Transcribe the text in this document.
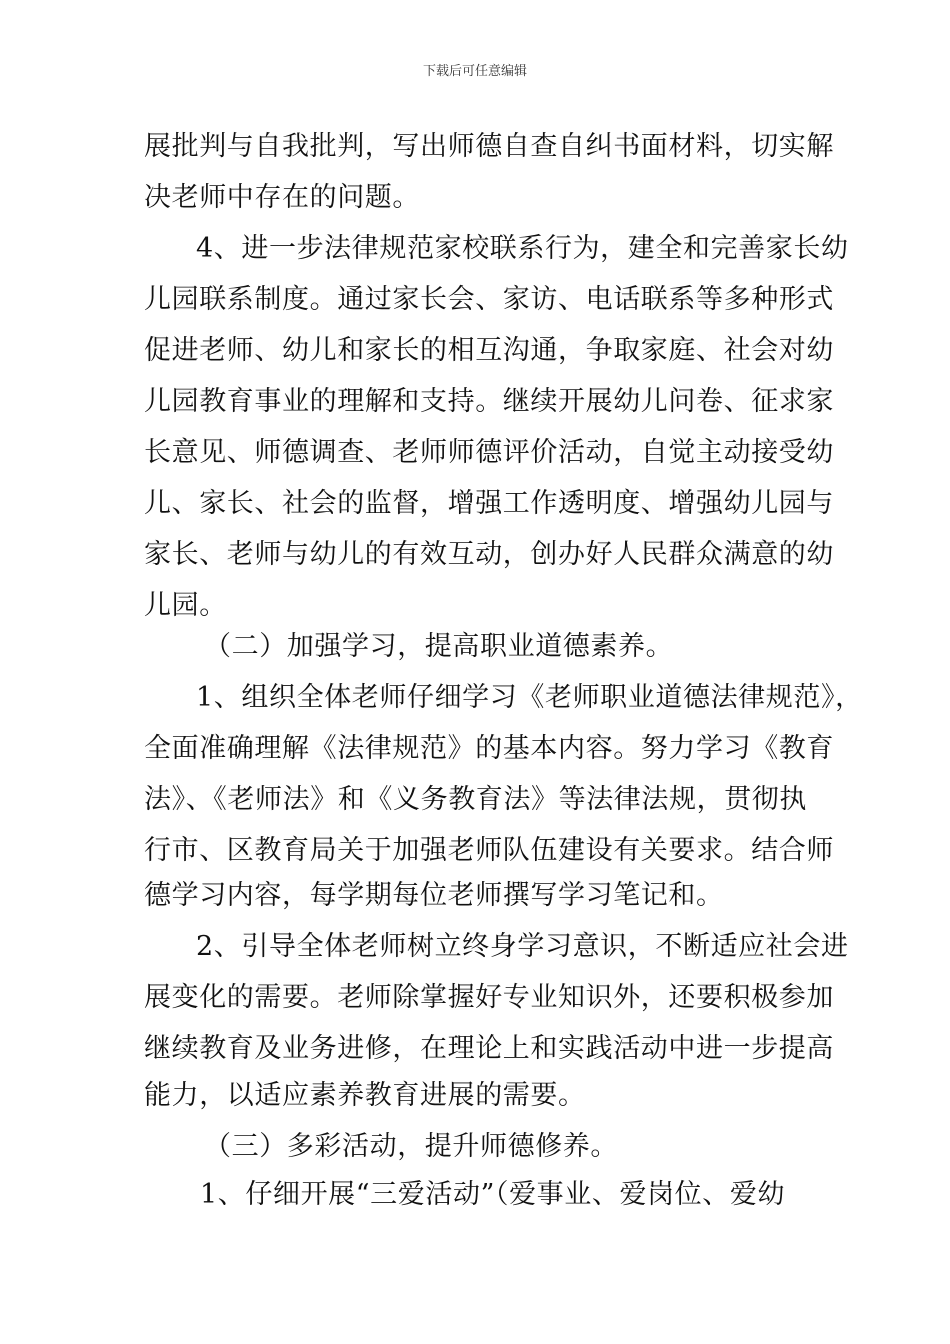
下载后可任意编辑
展批判与自我批判，写出师德自查自纠书面材料，切实解
决老师中存在的问题。
4、进一步法律规范家校联系行为，建全和完善家长幼
儿园联系制度。通过家长会、家访、电话联系等多种形式
促进老师、幼儿和家长的相互沟通，争取家庭、社会对幼
儿园教育事业的理解和支持。继续开展幼儿问卷、征求家
长意见、师德调查、老师师德评价活动，自觉主动接受幼
儿、家长、社会的监督，增强工作透明度、增强幼儿园与
家长、老师与幼儿的有效互动，创办好人民群众满意的幼
儿园。
（二）加强学习，提高职业道德素养。
1、组织全体老师仔细学习《老师职业道德法律规范》，
全面准确理解《法律规范》的基本内容。努力学习《教育
法》、《老师法》和《义务教育法》等法律法规，贯彻执
行市、区教育局关于加强老师队伍建设有关要求。结合师
德学习内容，每学期每位老师撰写学习笔记和。
2、引导全体老师树立终身学习意识，不断适应社会进
展变化的需要。老师除掌握好专业知识外，还要积极参加
继续教育及业务进修，在理论上和实践活动中进一步提高
能力，以适应素养教育进展的需要。
（三）多彩活动，提升师德修养。
1、仔细开展“三爱活动”（爱事业、爱岗位、爱幼
